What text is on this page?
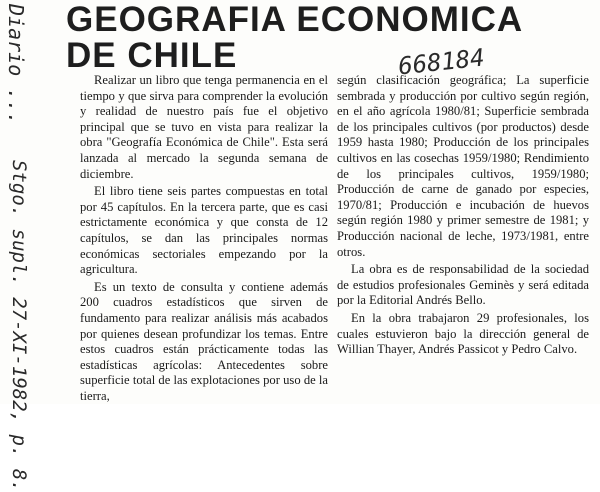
GEOGRAFIA ECONOMICA
DE CHILE
Diario ...
Stgo. supl. 27-XI-1982, p. 8.
668184

Realizar un libro que tenga permanencia en el tiempo y que sirva para comprender la evolución y realidad de nuestro país fue el objetivo principal que se tuvo en vista para realizar la obra "Geografía Económica de Chile". Esta será lanzada al mercado la segunda semana de diciembre.

El libro tiene seis partes compuestas en total por 45 capítulos. En la tercera parte, que es casi estrictamente económica y que consta de 12 capítulos, se dan las principales normas económicas sectoriales empezando por la agricultura.

Es un texto de consulta y contiene además 200 cuadros estadísticos que sirven de fundamento para realizar análisis más acabados por quienes desean profundizar los temas. Entre estos cuadros están prácticamente todas las estadísticas agrícolas: Antecedentes sobre superficie total de las explotaciones por uso de la tierra,

según clasificación geográfica; La superficie sembrada y producción por cultivo según región, en el año agrícola 1980/81; Superficie sembrada de los principales cultivos (por productos) desde 1959 hasta 1980; Producción de los principales cultivos en las cosechas 1959/1980; Rendimiento de los principales cultivos, 1959/1980; Producción de carne de ganado por especies, 1970/81; Producción e incubación de huevos según región 1980 y primer semestre de 1981; y Producción nacional de leche, 1973/1981, entre otros.

La obra es de responsabilidad de la sociedad de estudios profesionales Geminès y será editada por la Editorial Andrés Bello.

En la obra trabajaron 29 profesionales, los cuales estuvieron bajo la dirección general de Willian Thayer, Andrés Passicot y Pedro Calvo.
